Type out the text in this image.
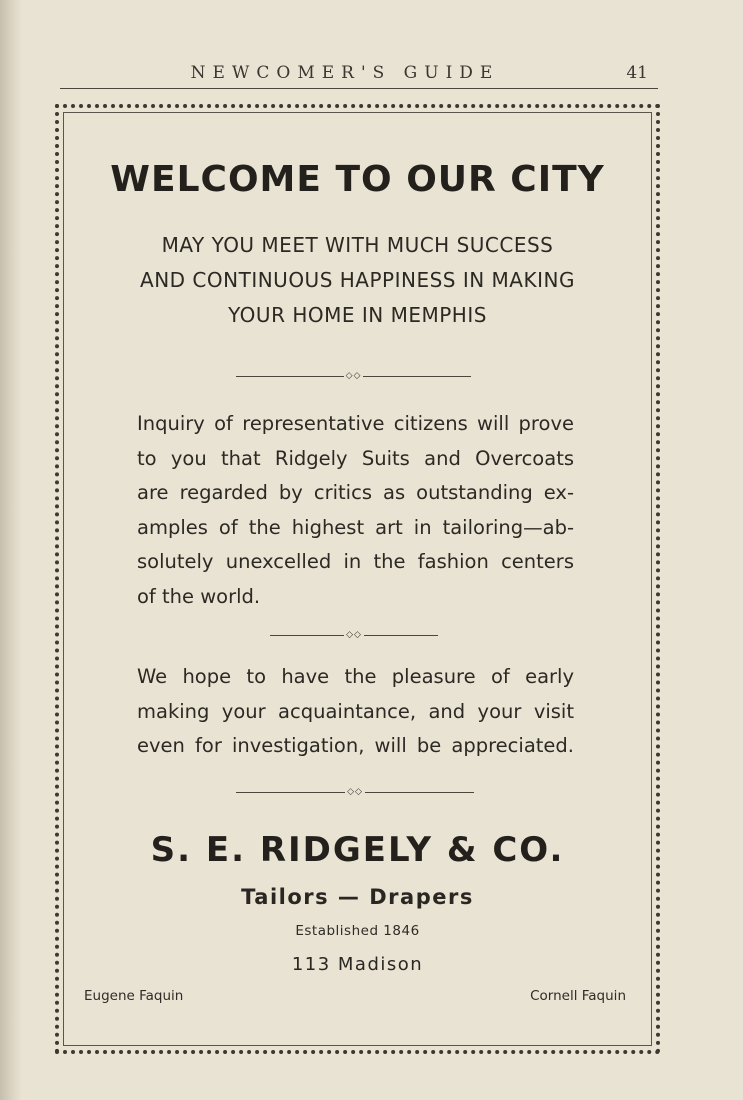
NEWCOMER'S GUIDE	41
WELCOME TO OUR CITY
MAY YOU MEET WITH MUCH SUCCESS
AND CONTINUOUS HAPPINESS IN MAKING
YOUR HOME IN MEMPHIS
◇◇
Inquiry of representative citizens will prove
to you that Ridgely Suits and Overcoats
are regarded by critics as outstanding ex-
amples of the highest art in tailoring—ab-
solutely unexcelled in the fashion centers
of the world.
◇◇
We hope to have the pleasure of early
making your acquaintance, and your visit
even for investigation, will be appreciated.
◇◇
S. E. RIDGELY & CO.
Tailors — Drapers
Established 1846
113 Madison
Eugene Faquin	Cornell Faquin
